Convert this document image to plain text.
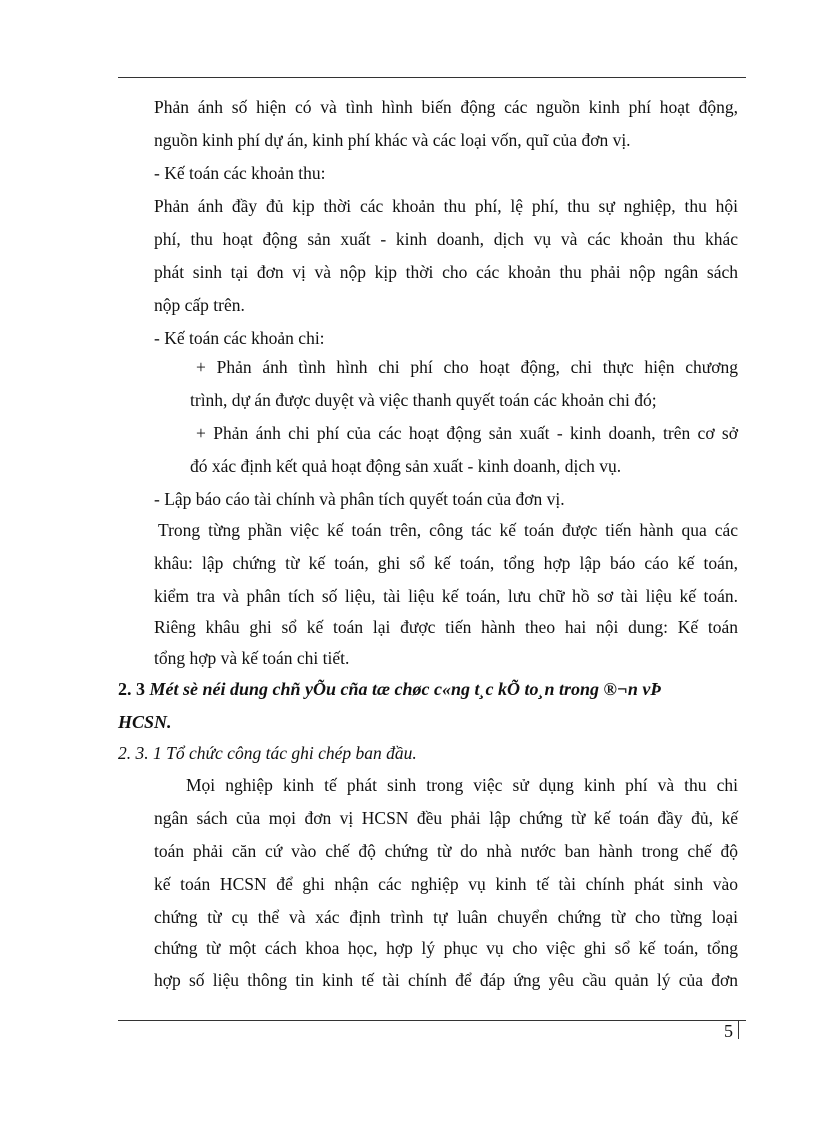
Phản ánh số hiện có và tình hình biến động các nguồn kinh phí hoạt động,
nguồn kinh phí dự án, kinh phí khác và các loại vốn, quĩ của đơn vị.
- Kế toán các khoản thu:
Phản ánh đầy đủ kịp thời các khoản thu phí, lệ phí, thu sự nghiệp, thu hội
phí, thu hoạt động sản xuất - kinh doanh, dịch vụ và các khoản thu khác
phát sinh tại đơn vị và nộp kịp thời cho các khoản thu phải nộp ngân sách
nộp cấp trên.
- Kế toán các khoản chi:
+ Phản ánh tình hình chi phí cho hoạt động, chi thực hiện chương
trình, dự án được duyệt và việc thanh quyết toán các khoản chi đó;
+ Phản ánh chi phí của các hoạt động sản xuất - kinh doanh, trên cơ sở
đó xác định kết quả hoạt động sản xuất - kinh doanh, dịch vụ.
- Lập báo cáo tài chính và phân tích quyết toán của đơn vị.
Trong từng phần việc kế toán trên, công tác kế toán được tiến hành qua các
khâu: lập chứng từ kế toán, ghi sổ kế toán, tổng hợp lập báo cáo kế toán,
kiểm tra và phân tích số liệu, tài liệu kế toán, lưu chữ hồ sơ tài liệu kế toán.
Riêng khâu ghi sổ kế toán lại được tiến hành theo hai nội dung: Kế toán
tổng hợp và kế toán chi tiết.
2. 3 Mét sè néi dung chñ yÕu cña tæ chøc c«ng t¸c kÕ to¸n trong ®¬n vÞ
HCSN.
2. 3. 1 Tổ chức công tác ghi chép ban đầu.
Mọi nghiệp kinh tế phát sinh trong việc sử dụng kinh phí và thu chi
ngân sách của mọi đơn vị HCSN đều phải lập chứng từ kế toán đầy đủ, kế
toán phải căn cứ vào chế độ chứng từ do nhà nước ban hành trong chế độ
kế toán HCSN để ghi nhận các nghiệp vụ kinh tế tài chính phát sinh vào
chứng từ cụ thể và xác định trình tự luân chuyển chứng từ cho từng loại
chứng từ một cách khoa học, hợp lý phục vụ cho việc ghi sổ kế toán, tổng
hợp số liệu thông tin kinh tế tài chính để đáp ứng yêu cầu quản lý của đơn
5
